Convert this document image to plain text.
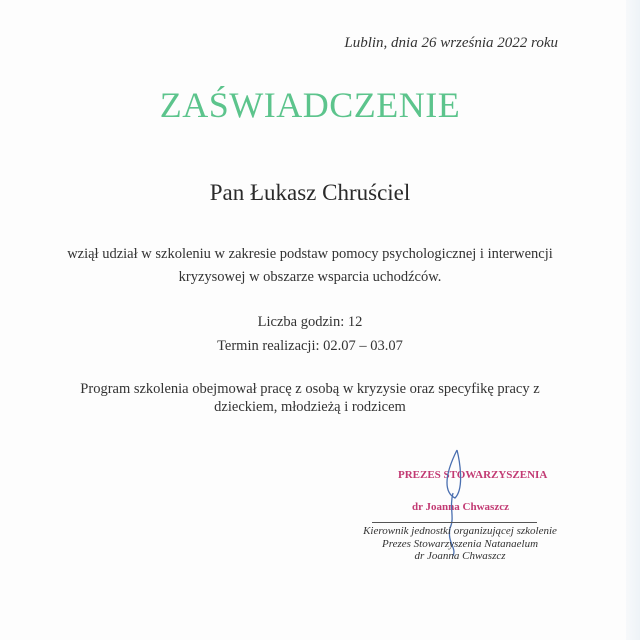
Lublin, dnia 26 września 2022 roku
ZAŚWIADCZENIE
Pan Łukasz Chruściel
wziął udział w szkoleniu w zakresie podstaw pomocy psychologicznej i interwencji
kryzysowej w obszarze wsparcia uchodźców.
Liczba godzin: 12
Termin realizacji: 02.07 – 03.07
Program szkolenia obejmował pracę z osobą w kryzysie oraz specyfikę pracy z
dzieckiem, młodzieżą i rodzicem
PREZES STOWARZYSZENIA
dr Joanna Chwaszcz
Kierownik jednostki organizującej szkolenie
Prezes Stowarzyszenia Natanaelum
dr Joanna Chwaszcz
